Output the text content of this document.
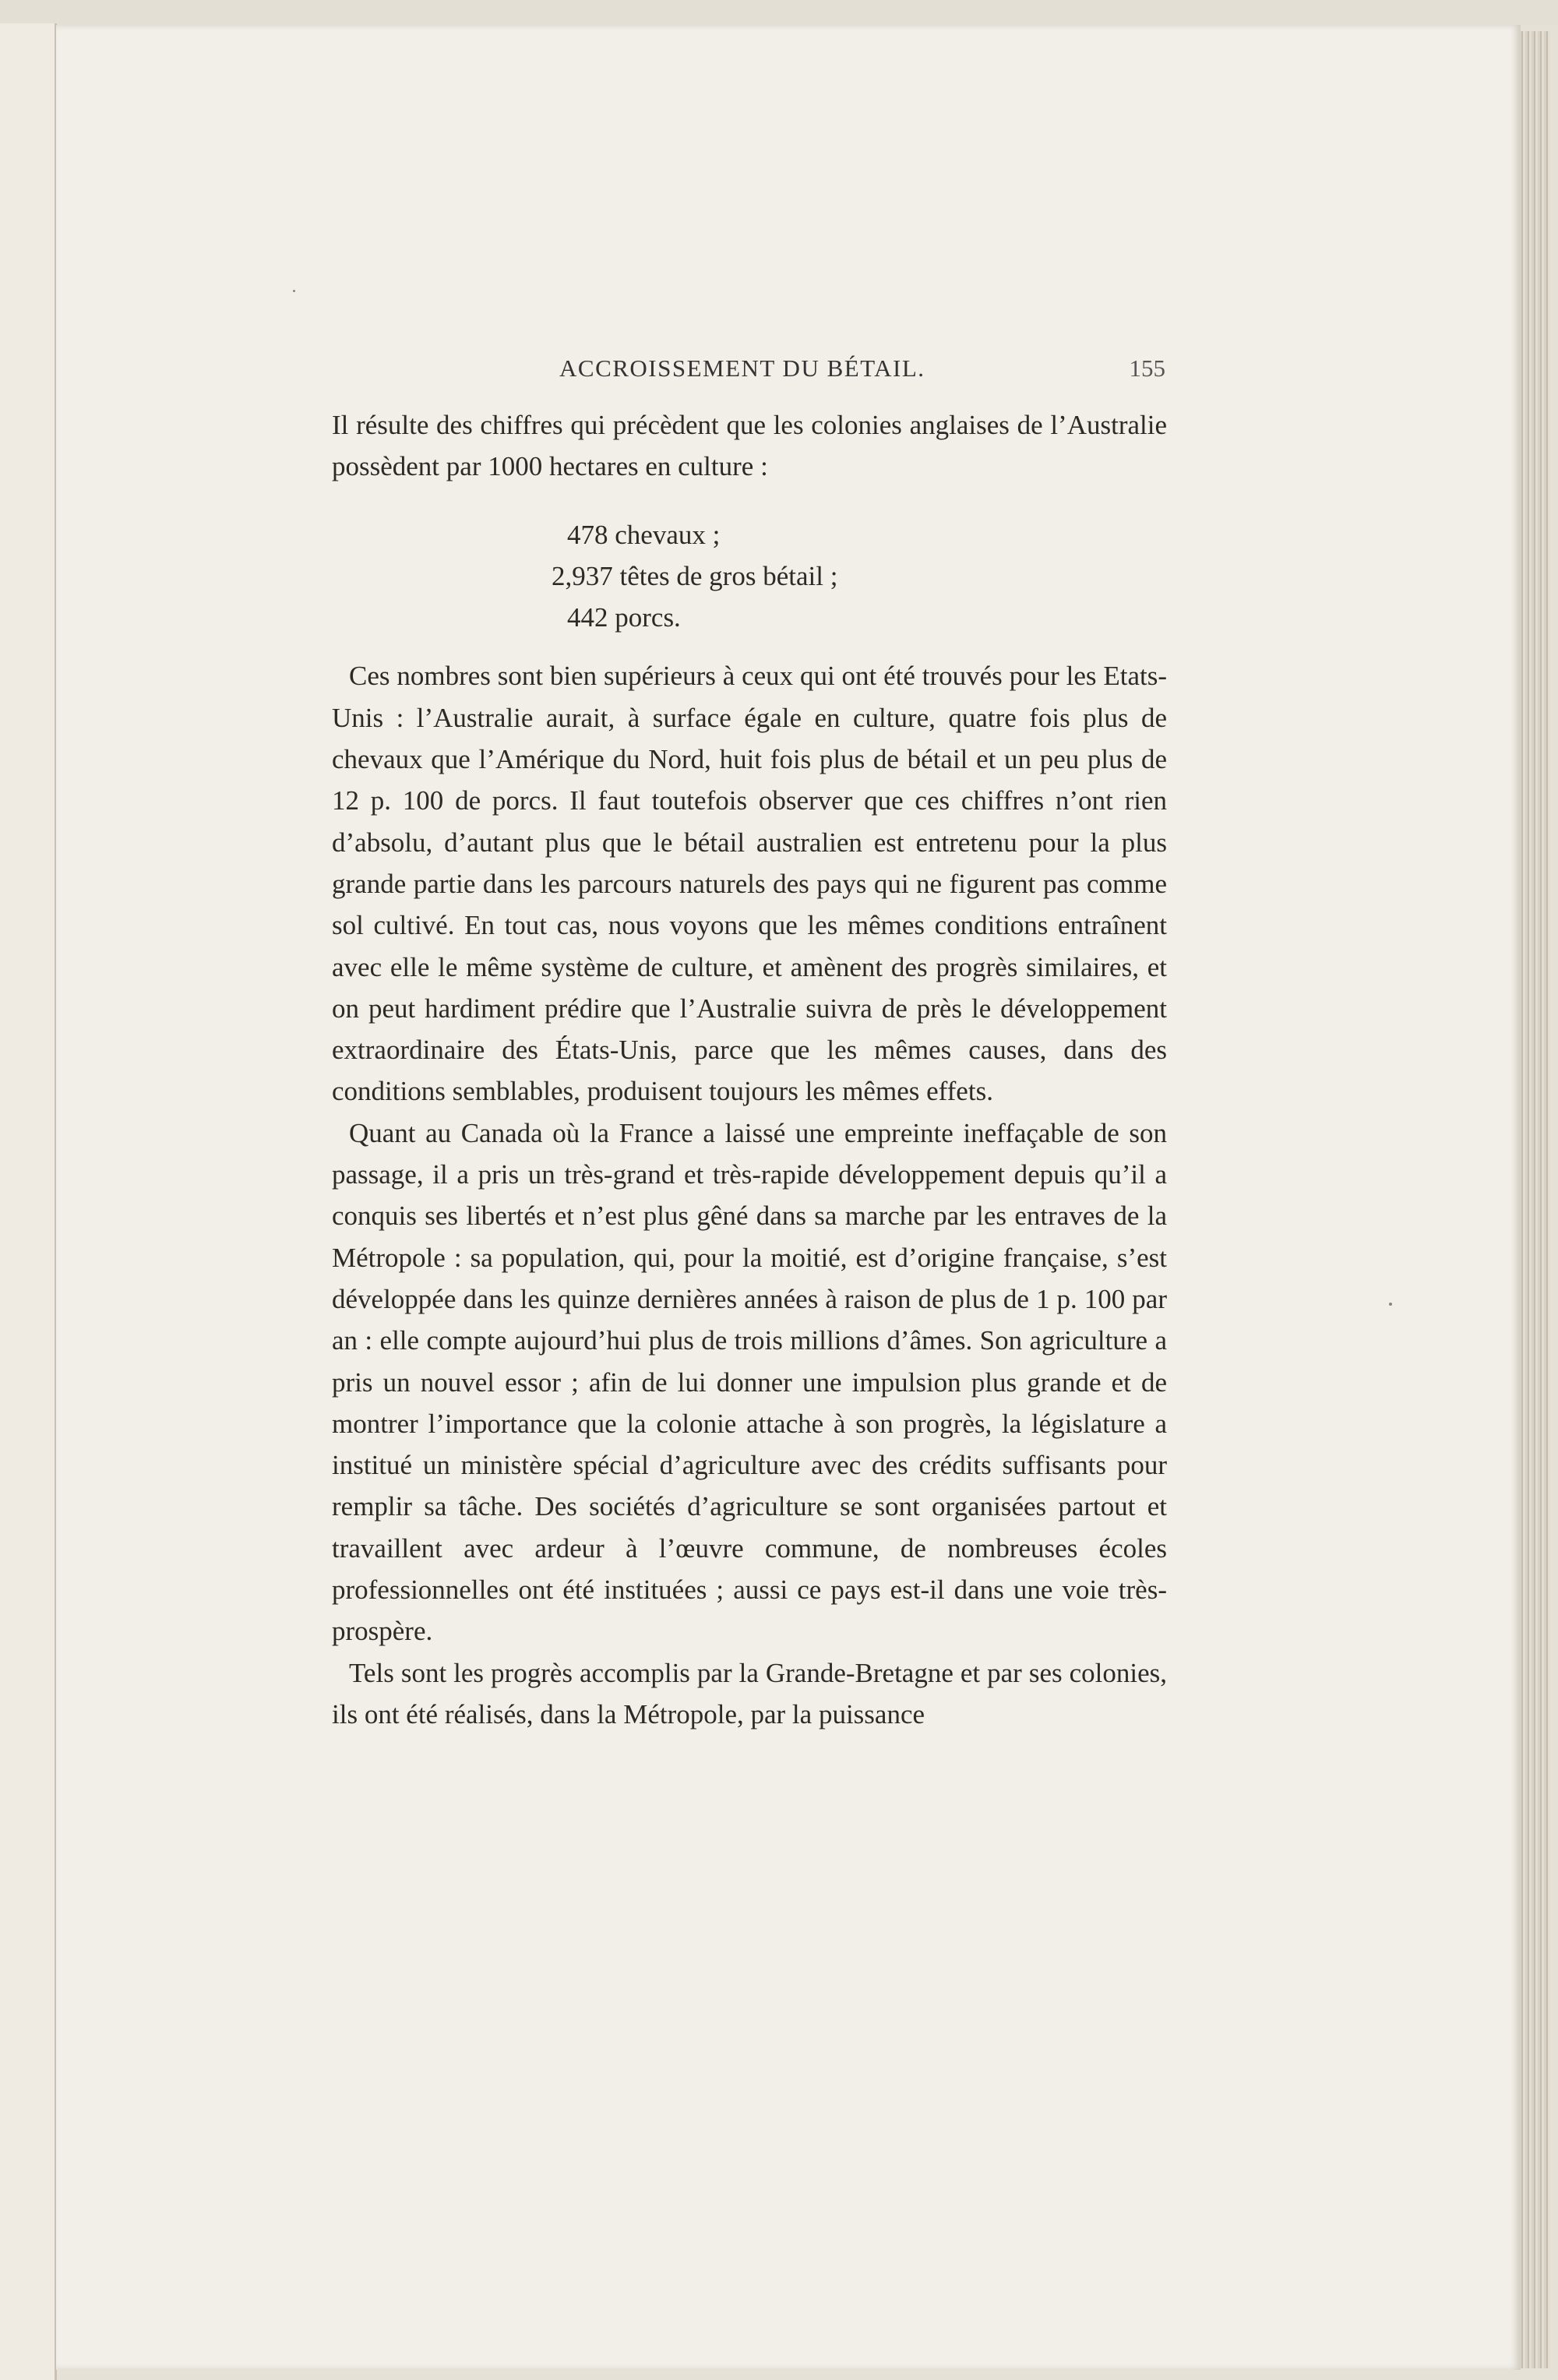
ACCROISSEMENT DU BÉTAIL.	155

Il résulte des chiffres qui précèdent que les colonies anglaises de l’Australie possèdent par 1000 hectares en culture :

478 chevaux ;
2,937 têtes de gros bétail ;
442 porcs.

Ces nombres sont bien supérieurs à ceux qui ont été trouvés pour les Etats-Unis : l’Australie aurait, à surface égale en culture, quatre fois plus de chevaux que l’Amérique du Nord, huit fois plus de bétail et un peu plus de 12 p. 100 de porcs. Il faut toutefois observer que ces chiffres n’ont rien d’absolu, d’autant plus que le bétail australien est entretenu pour la plus grande partie dans les parcours naturels des pays qui ne figurent pas comme sol cultivé. En tout cas, nous voyons que les mêmes conditions entraînent avec elle le même système de culture, et amènent des progrès similaires, et on peut hardiment prédire que l’Australie suivra de près le développement extraordinaire des États-Unis, parce que les mêmes causes, dans des conditions semblables, produisent toujours les mêmes effets.

Quant au Canada où la France a laissé une empreinte ineffaçable de son passage, il a pris un très-grand et très-rapide développement depuis qu’il a conquis ses libertés et n’est plus gêné dans sa marche par les entraves de la Métropole : sa population, qui, pour la moitié, est d’origine française, s’est développée dans les quinze dernières années à raison de plus de 1 p. 100 par an : elle compte aujourd’hui plus de trois millions d’âmes. Son agriculture a pris un nouvel essor ; afin de lui donner une impulsion plus grande et de montrer l’importance que la colonie attache à son progrès, la législature a institué un ministère spécial d’agriculture avec des crédits suffisants pour remplir sa tâche. Des sociétés d’agriculture se sont organisées partout et travaillent avec ardeur à l’œuvre commune, de nombreuses écoles professionnelles ont été instituées ; aussi ce pays est-il dans une voie très-prospère.

Tels sont les progrès accomplis par la Grande-Bretagne et par ses colonies, ils ont été réalisés, dans la Métropole, par la puissance
